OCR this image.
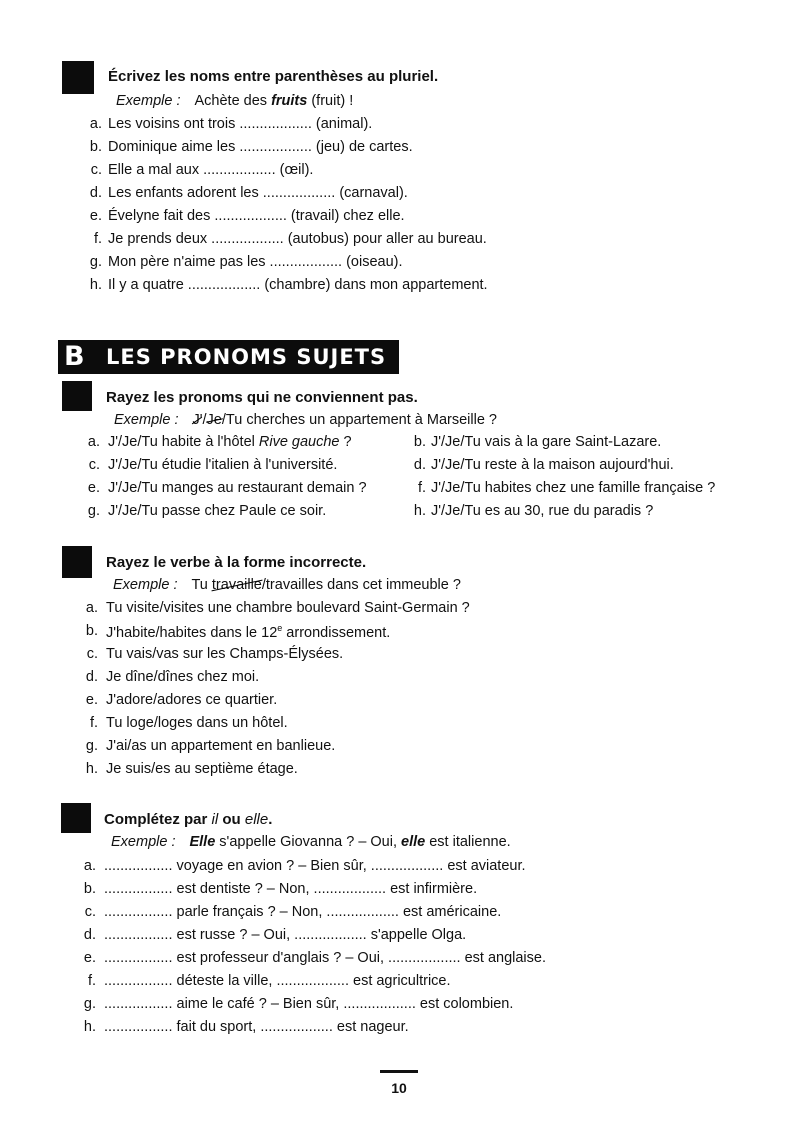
Écrivez les noms entre parenthèses au pluriel.
Exemple : Achète des fruits (fruit) !
a. Les voisins ont trois .................. (animal).
b. Dominique aime les .................. (jeu) de cartes.
c. Elle a mal aux .................. (œil).
d. Les enfants adorent les .................. (carnaval).
e. Évelyne fait des .................. (travail) chez elle.
f. Je prends deux .................. (autobus) pour aller au bureau.
g. Mon père n'aime pas les .................. (oiseau).
h. Il y a quatre .................. (chambre) dans mon appartement.
B LES PRONOMS SUJETS
Rayez les pronoms qui ne conviennent pas.
Exemple : J'/Je/Tu cherches un appartement à Marseille ?
a. J'/Je/Tu habite à l'hôtel Rive gauche ?
c. J'/Je/Tu étudie l'italien à l'université.
e. J'/Je/Tu manges au restaurant demain ?
g. J'/Je/Tu passe chez Paule ce soir.
b. J'/Je/Tu vais à la gare Saint-Lazare.
d. J'/Je/Tu reste à la maison aujourd'hui.
f. J'/Je/Tu habites chez une famille française ?
h. J'/Je/Tu es au 30, rue du paradis ?
Rayez le verbe à la forme incorrecte.
Exemple : Tu travaille/travailles dans cet immeuble ?
a. Tu visite/visites une chambre boulevard Saint-Germain ?
b. J'habite/habites dans le 12e arrondissement.
c. Tu vais/vas sur les Champs-Élysées.
d. Je dîne/dînes chez moi.
e. J'adore/adores ce quartier.
f. Tu loge/loges dans un hôtel.
g. J'ai/as un appartement en banlieue.
h. Je suis/es au septième étage.
Complétez par il ou elle.
Exemple : Elle s'appelle Giovanna ? – Oui, elle est italienne.
a. ................. voyage en avion ? – Bien sûr, .................. est aviateur.
b. ................. est dentiste ? – Non, .................. est infirmière.
c. ................. parle français ? – Non, .................. est américaine.
d. ................. est russe ? – Oui, .................. s'appelle Olga.
e. ................. est professeur d'anglais ? – Oui, .................. est anglaise.
f. ................. déteste la ville, .................. est agricultrice.
g. ................. aime le café ? – Bien sûr, .................. est colombien.
h. ................. fait du sport, .................. est nageur.
10
